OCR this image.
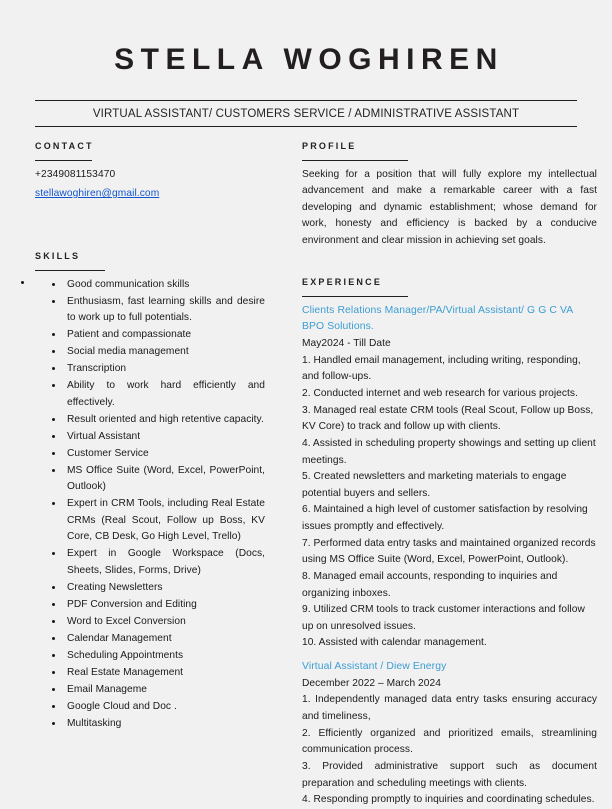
STELLA WOGHIREN
VIRTUAL ASSISTANT/ CUSTOMERS SERVICE / ADMINISTRATIVE ASSISTANT
CONTACT
+2349081153470
stellawoghiren@gmail.com
SKILLS
Good communication skills
Enthusiasm, fast learning skills and desire to work up to full potentials.
Patient and compassionate
Social media management
Transcription
Ability to work hard efficiently and effectively.
Result oriented and high retentive capacity.
Virtual Assistant
Customer Service
MS Office Suite (Word, Excel, PowerPoint, Outlook)
Expert in CRM Tools, including Real Estate CRMs (Real Scout, Follow up Boss, KV Core, CB Desk, Go High Level, Trello)
Expert in Google Workspace (Docs, Sheets, Slides, Forms, Drive)
Creating Newsletters
PDF Conversion and Editing
Word to Excel Conversion
Calendar Management
Scheduling Appointments
Real Estate Management
Email Manageme
Google Cloud and Doc .
Multitasking
PROFILE

Seeking for a position that will fully explore my intellectual advancement and make a remarkable career with a fast developing and dynamic establishment; whose demand for work, honesty and efficiency is backed by a conducive environment and clear mission in achieving set goals.

EXPERIENCE
Clients Relations Manager/PA/Virtual Assistant/ G G C VA BPO Solutions.
May2024 - Till Date
1. Handled email management, including writing, responding, and follow-ups.
2. Conducted internet and web research for various projects.
3. Managed real estate CRM tools (Real Scout, Follow up Boss, KV Core) to track and follow up with clients.
4. Assisted in scheduling property showings and setting up client meetings.
5. Created newsletters and marketing materials to engage potential buyers and sellers.
6. Maintained a high level of customer satisfaction by resolving issues promptly and effectively.
7. Performed data entry tasks and maintained organized records using MS Office Suite (Word, Excel, PowerPoint, Outlook).
8. Managed email accounts, responding to inquiries and organizing inboxes.
9. Utilized CRM tools to track customer interactions and follow up on unresolved issues.
10. Assisted with calendar management.
Virtual Assistant / Diew Energy
December 2022 – March 2024
1. Independently managed data entry tasks ensuring accuracy and timeliness,
2. Efficiently organized and prioritized emails, streamlining communication process.
3. Provided administrative support such as document preparation and scheduling meetings with clients.
4. Responding promptly to inquiries and coordinating schedules.
